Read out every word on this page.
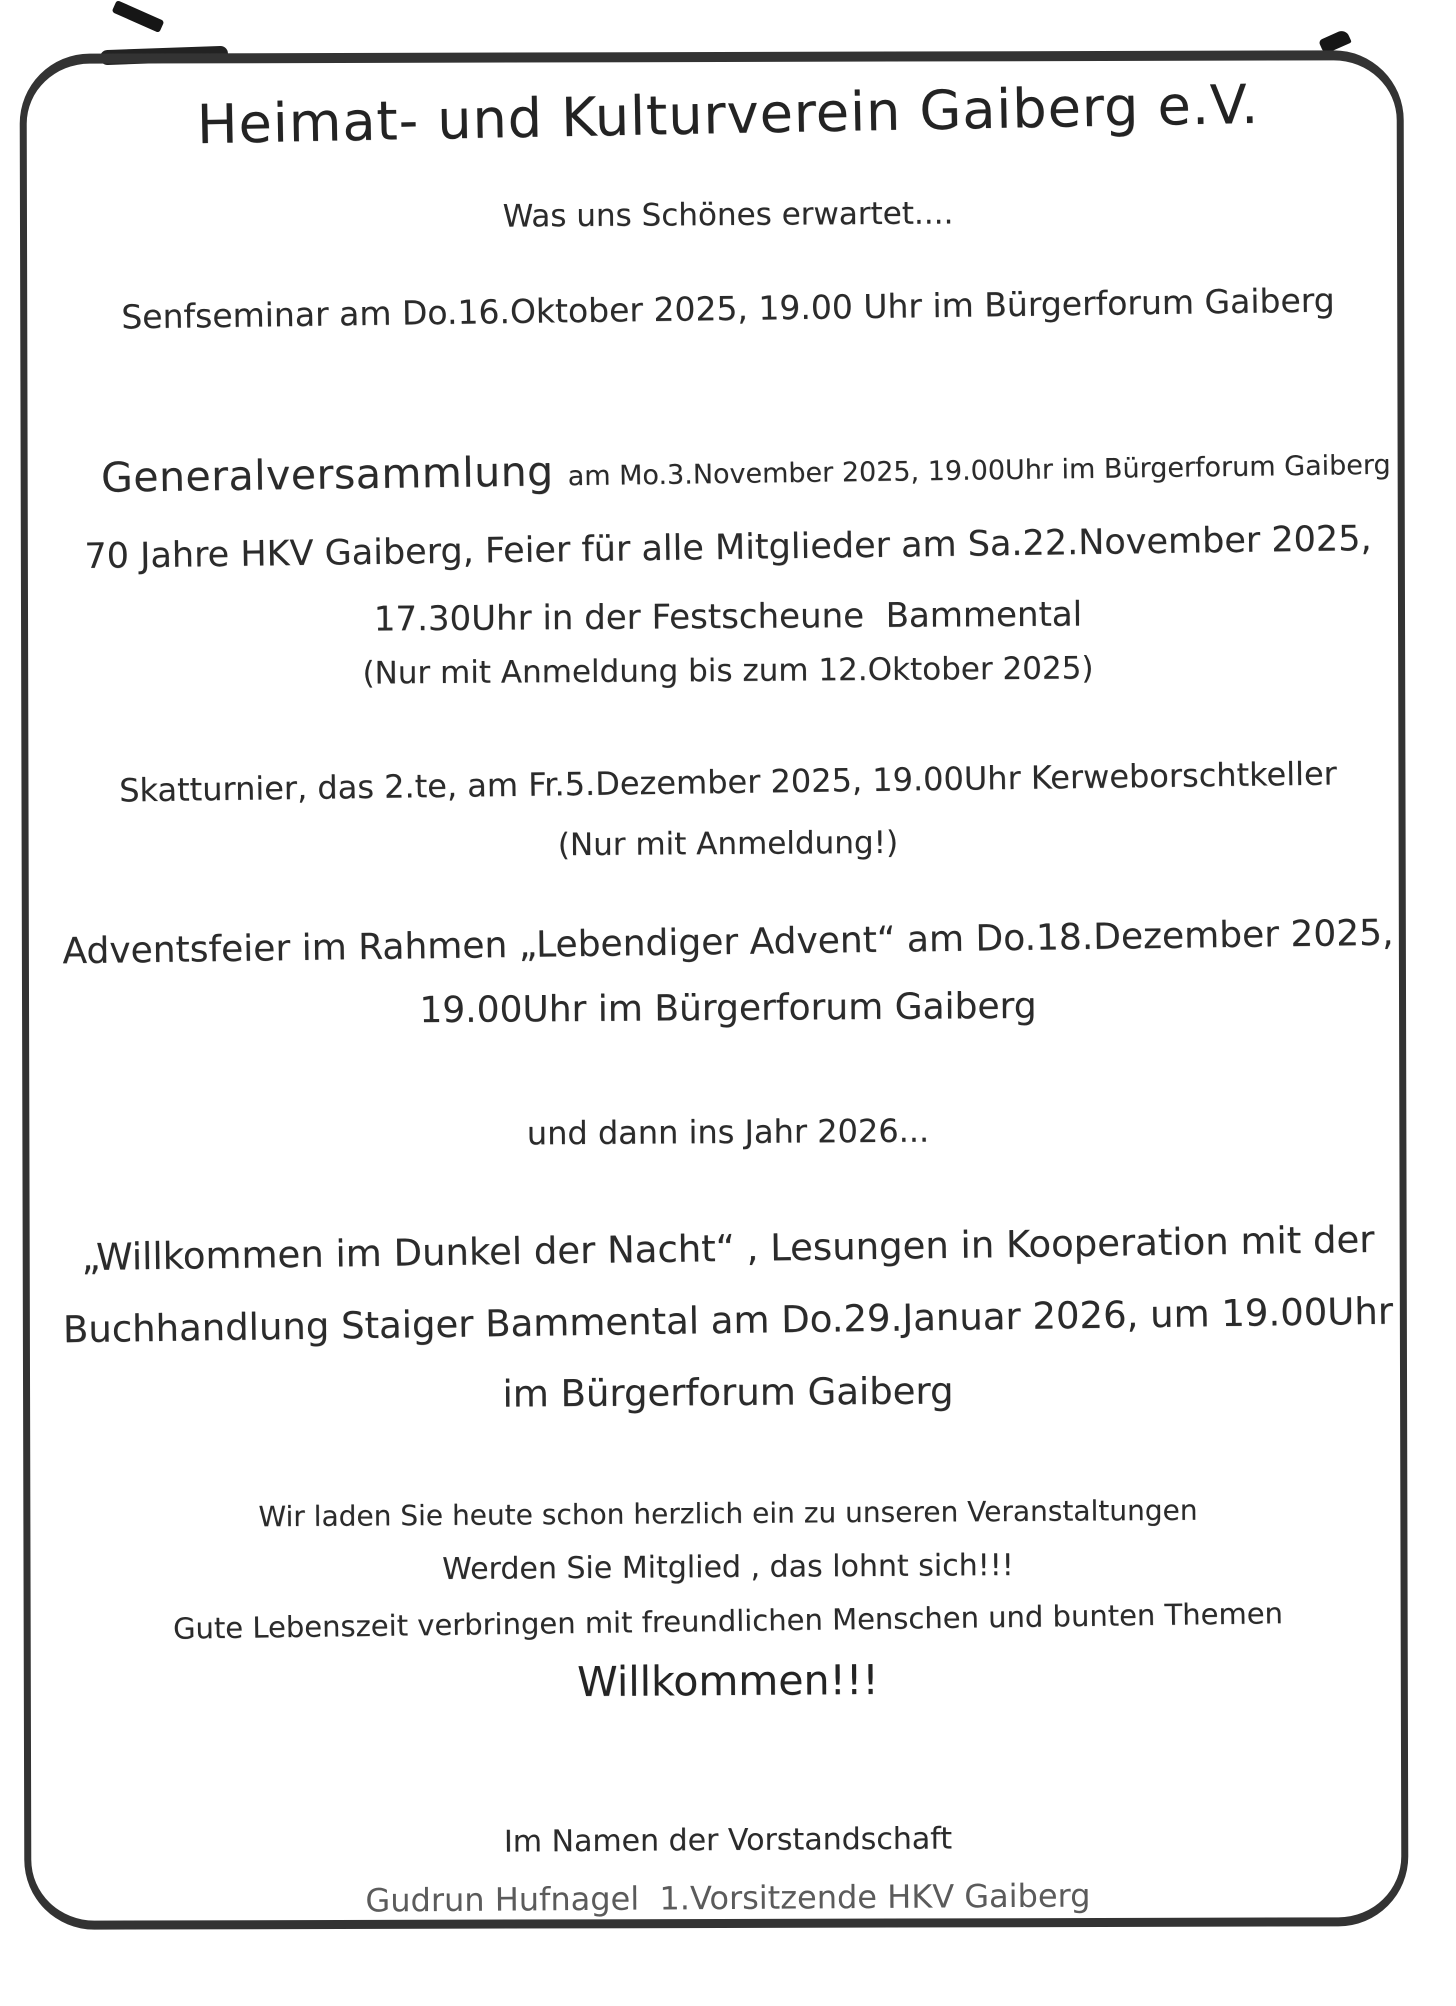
Heimat- und Kulturverein Gaiberg e.V.
Was uns Schönes erwartet....
Senfseminar am Do.16.Oktober 2025, 19.00 Uhr im Bürgerforum Gaiberg

Generalversammlung am Mo.3.November 2025, 19.00Uhr im Bürgerforum Gaiberg

70 Jahre HKV Gaiberg, Feier für alle Mitglieder am Sa.22.November 2025,
17.30Uhr in der Festscheune  Bammental
(Nur mit Anmeldung bis zum 12.Oktober 2025)
Skatturnier, das 2.te, am Fr.5.Dezember 2025, 19.00Uhr Kerweborschtkeller
(Nur mit Anmeldung!)
Adventsfeier im Rahmen „Lebendiger Advent“ am Do.18.Dezember 2025,
19.00Uhr im Bürgerforum Gaiberg
und dann ins Jahr 2026...
„Willkommen im Dunkel der Nacht“ , Lesungen in Kooperation mit der
Buchhandlung Staiger Bammental am Do.29.Januar 2026, um 19.00Uhr
im Bürgerforum Gaiberg
Wir laden Sie heute schon herzlich ein zu unseren Veranstaltungen
Werden Sie Mitglied , das lohnt sich!!!
Gute Lebenszeit verbringen mit freundlichen Menschen und bunten Themen
Willkommen!!!
Im Namen der Vorstandschaft
Gudrun Hufnagel  1.Vorsitzende HKV Gaiberg
